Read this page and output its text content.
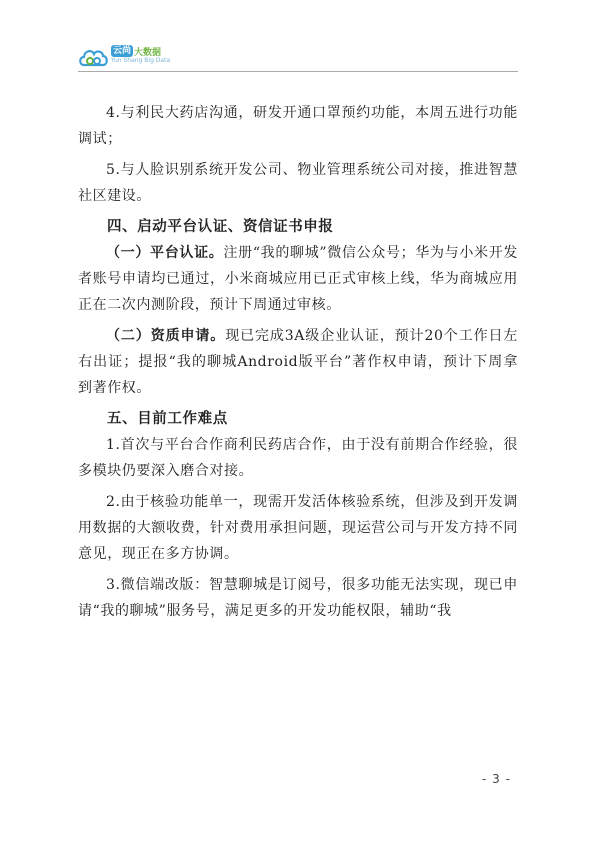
云尚 大数据
Yun Shang Big Data

4.与利民大药店沟通，研发开通口罩预约功能，本周五进行功能调试；

5.与人脸识别系统开发公司、物业管理系统公司对接，推进智慧社区建设。

四、启动平台认证、资信证书申报

（一）平台认证。注册“我的聊城”微信公众号；华为与小米开发者账号申请均已通过，小米商城应用已正式审核上线，华为商城应用正在二次内测阶段，预计下周通过审核。

（二）资质申请。现已完成3A级企业认证，预计20个工作日左右出证；提报“我的聊城Android版平台”著作权申请，预计下周拿到著作权。

五、目前工作难点

1.首次与平台合作商利民药店合作，由于没有前期合作经验，很多模块仍要深入磨合对接。

2.由于核验功能单一，现需开发活体核验系统，但涉及到开发调用数据的大额收费，针对费用承担问题，现运营公司与开发方持不同意见，现正在多方协调。

3.微信端改版：智慧聊城是订阅号，很多功能无法实现，现已申请“我的聊城”服务号，满足更多的开发功能权限，辅助“我

- 3 -
